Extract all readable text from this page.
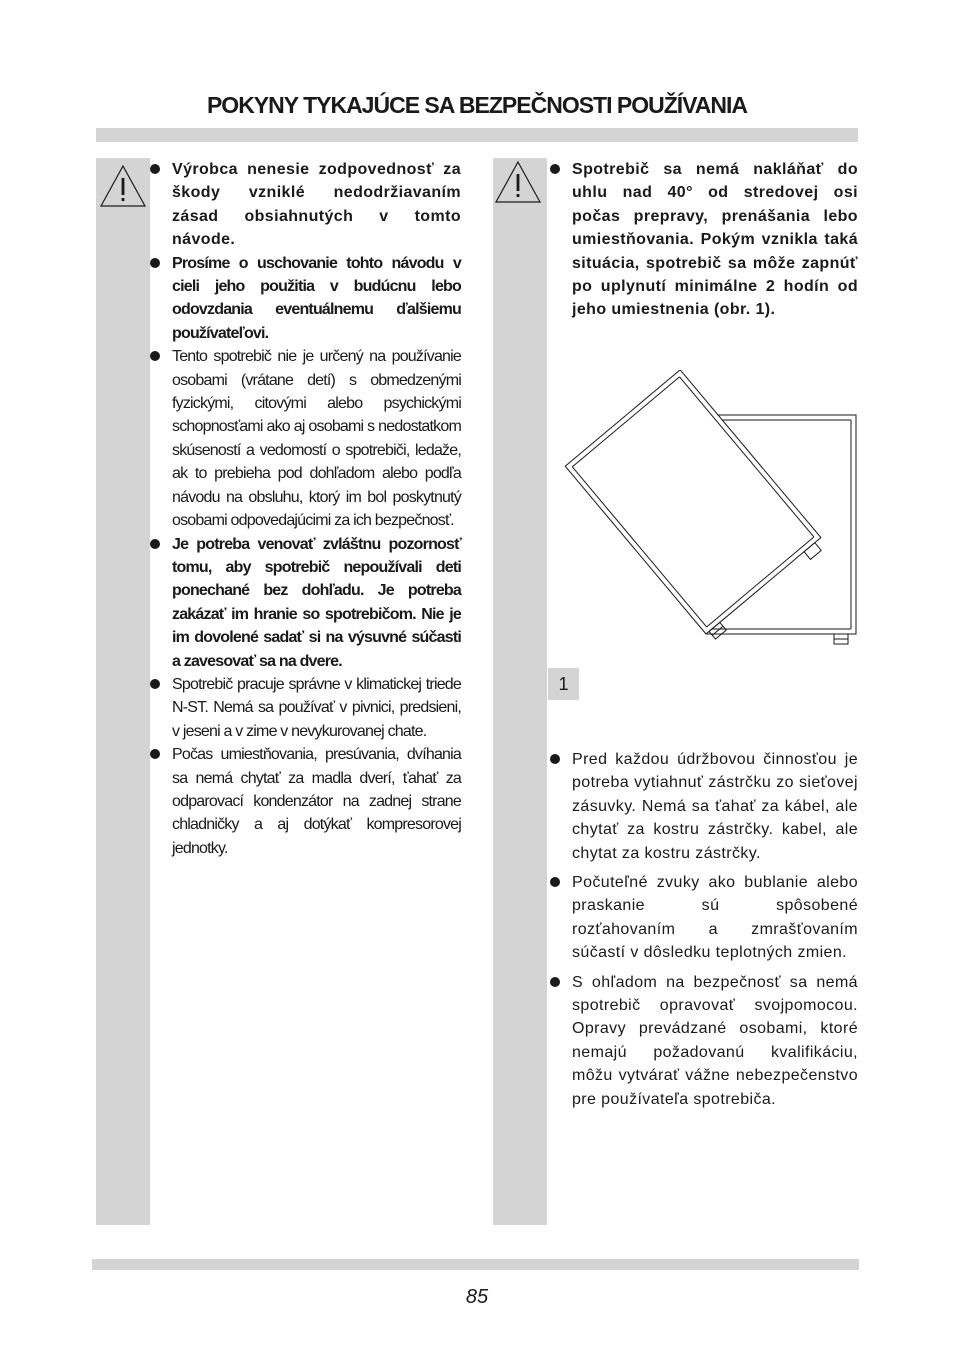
POKYNY TYKAJÚCE SA BEZPEČNOSTI POUŽÍVANIA
Výrobca nenesie zodpovednosť za škody vzniklé nedodržiavaním zásad obsiahnutých v tomto návode.
Prosíme o uschovanie tohto návodu v cieli jeho použitia v budúcnu lebo odovzdania eventuálnemu ďalšiemu používateľovi.
Tento spotrebič nie je určený na používanie osobami (vrátane detí) s obmedzenými fyzickými, citovými alebo psychickými schopnosťami ako aj osobami s nedostatkom skúseností a vedomostí o spotrebiči, ledaže, ak to prebieha pod dohľadom alebo podľa návodu na obsluhu, ktorý im bol poskytnutý osobami odpovedajúcimi za ich bezpečnosť.
Je potreba venovať zvláštnu pozornosť tomu, aby spotrebič nepoužívali deti ponechané bez dohľadu. Je potreba zakázať im hranie so spotrebičom. Nie je im dovolené sadať si na výsuvné súčasti a zavesovať sa na dvere.
Spotrebič pracuje správne v klimatickej triede N-ST. Nemá sa používať v pivnici, predsieni, v jeseni a v zime v nevykurovanej chate.
Počas umiestňovania, presúvania, dvíhania sa nemá chytať za madla dverí, ťahať za odparovací kondenzátor na zadnej strane chladničky a aj dotýkať kompresorovej jednotky.
Spotrebič sa nemá nakláňať do uhlu nad 40° od stredovej osi počas prepravy, prenášania lebo umiestňovania. Pokým vznikla taká situácia, spotrebič sa môže zapnúť po uplynutí minimálne 2 hodín od jeho umiestnenia (obr. 1).
1
Pred každou údržbovou činnosťou je potreba vytiahnuť zástrčku zo sieťovej zásuvky. Nemá sa ťahať za kábel, ale chytať za kostru zástrčky. kabel, ale chytat za kostru zástrčky.
Počuteľné zvuky ako bublanie alebo praskanie sú spôsobené rozťahovaním a zmrašťovaním súčastí v dôsledku teplotných zmien.
S ohľadom na bezpečnosť sa nemá spotrebič opravovať svojpomocou. Opravy prevádzané osobami, ktoré nemajú požadovanú kvalifikáciu, môžu vytvárať vážne nebezpečenstvo pre používateľa spotrebiča.
85
